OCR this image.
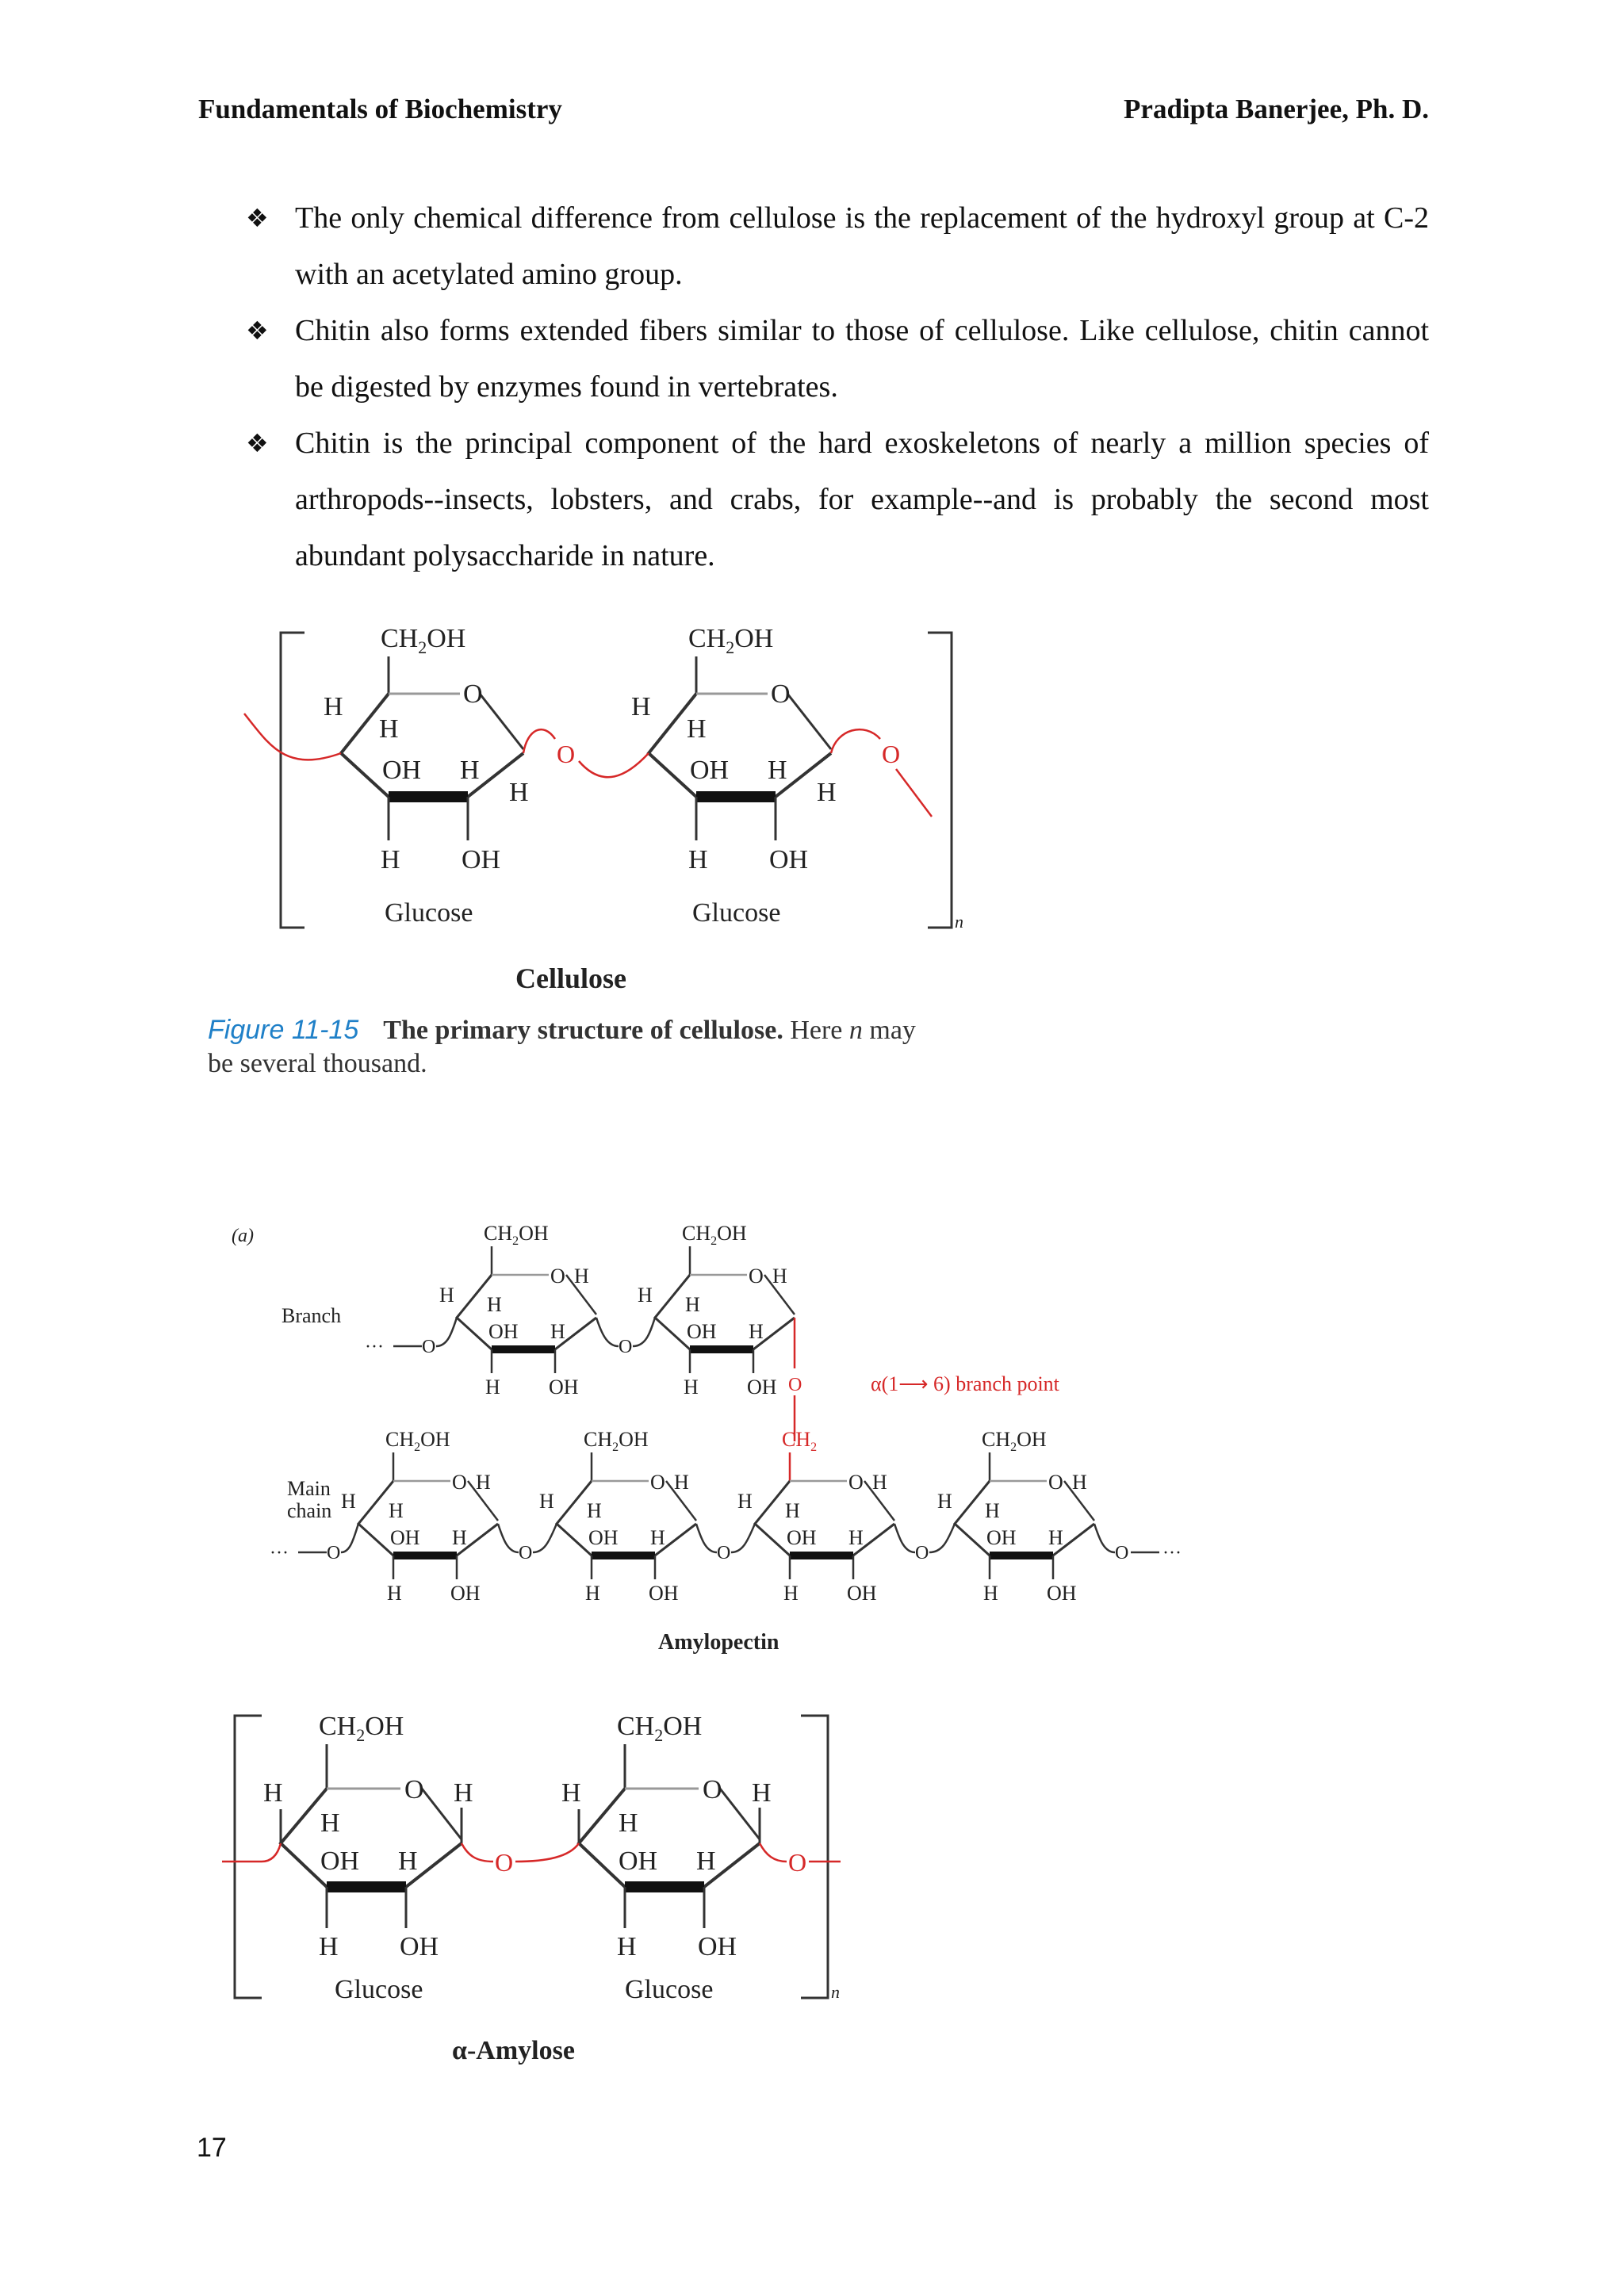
Fundamentals of Biochemistry	Pradipta Banerjee, Ph. D.
❖ The only chemical difference from cellulose is the replacement of the hydroxyl group at C-2 with an acetylated amino group.
❖ Chitin also forms extended fibers similar to those of cellulose. Like cellulose, chitin cannot be digested by enzymes found in vertebrates.
❖ Chitin is the principal component of the hard exoskeletons of nearly a million species of arthropods--insects, lobsters, and crabs, for example--and is probably the second most abundant polysaccharide in nature.
n
$CH_2OH$
O
H
H
OH H
H
H OH
Glucose
$CH_2OH$
O
H
H
OH H
H
H OH
Glucose
O	O
Cellulose
Figure 11-15 The primary structure of cellulose. Here n may
be several thousand.
(a)
Branch
Main
chain
α(1⟶ 6) branch point
Amylopectin
$CH_2OH$
O
H H
OH H
H
H OH
$CH_2OH$
O
H H
OH H
H
H OH
··· O	O
O
$CH_2OH$
O
H H
OH H
H
H OH
$CH_2OH$
O
H H
OH H
H
H OH
$CH_2$
O
H H
OH H
H
H OH
$CH_2OH$
O
H H
OH H
H
H OH
··· O	O	O	O	O ···
n
$CH_2OH$
O
H	H
H
OH H
H OH
Glucose
$CH_2OH$
O
H	H
H
OH H
H OH
Glucose
O	O
α-Amylose
17
